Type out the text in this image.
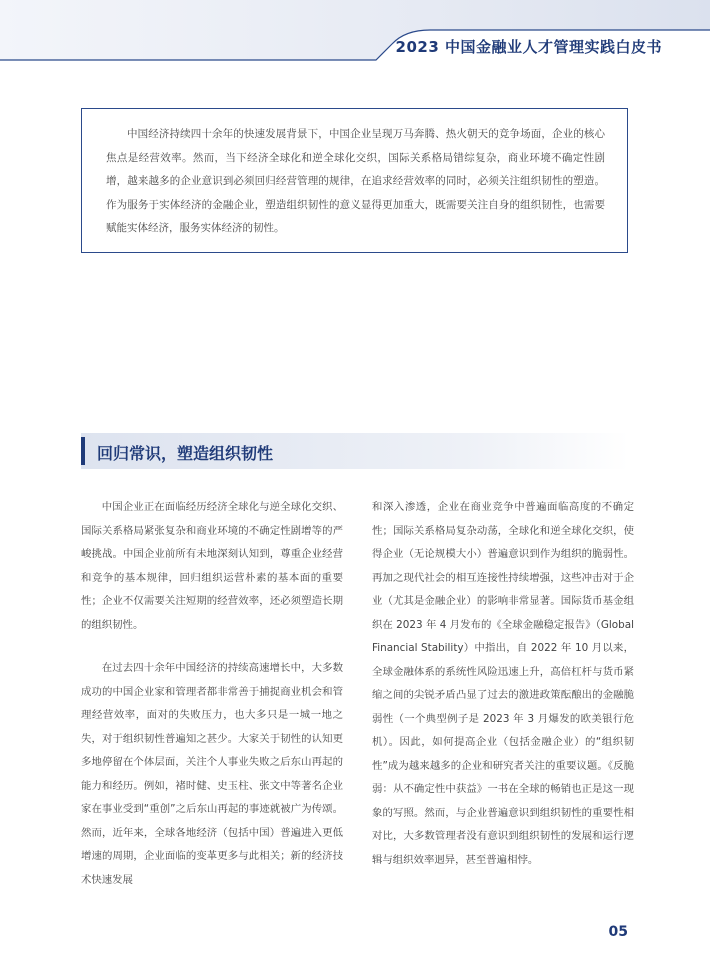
2023 中国金融业人才管理实践白皮书

中国经济持续四十余年的快速发展背景下，中国企业呈现万马奔腾、热火朝天的竞争场面，企业的核心焦点是经营效率。然而，当下经济全球化和逆全球化交织，国际关系格局错综复杂，商业环境不确定性剧增，越来越多的企业意识到必须回归经营管理的规律，在追求经营效率的同时，必须关注组织韧性的塑造。作为服务于实体经济的金融企业，塑造组织韧性的意义显得更加重大，既需要关注自身的组织韧性，也需要赋能实体经济，服务实体经济的韧性。

回归常识，塑造组织韧性

中国企业正在面临经历经济全球化与逆全球化交织、国际关系格局紧张复杂和商业环境的不确定性剧增等的严峻挑战。中国企业前所有未地深刻认知到，尊重企业经营和竞争的基本规律，回归组织运营朴素的基本面的重要性；企业不仅需要关注短期的经营效率，还必须塑造长期的组织韧性。

在过去四十余年中国经济的持续高速增长中，大多数成功的中国企业家和管理者都非常善于捕捉商业机会和管理经营效率，面对的失败压力，也大多只是一城一地之失，对于组织韧性普遍知之甚少。大家关于韧性的认知更多地停留在个体层面，关注个人事业失败之后东山再起的能力和经历。例如，褚时健、史玉柱、张文中等著名企业家在事业受到“重创”之后东山再起的事迹就被广为传颂。然而，近年来，全球各地经济（包括中国）普遍进入更低增速的周期，企业面临的变革更多与此相关；新的经济技术快速发展

和深入渗透，企业在商业竞争中普遍面临高度的不确定性；国际关系格局复杂动荡，全球化和逆全球化交织，使得企业（无论规模大小）普遍意识到作为组织的脆弱性。再加之现代社会的相互连接性持续增强，这些冲击对于企业（尤其是金融企业）的影响非常显著。国际货币基金组织在 2023 年 4 月发布的《全球金融稳定报告》（Global Financial Stability）中指出，自 2022 年 10 月以来，全球金融体系的系统性风险迅速上升，高倍杠杆与货币紧缩之间的尖锐矛盾凸显了过去的激进政策酝酿出的金融脆弱性（一个典型例子是 2023 年 3 月爆发的欧美银行危机）。因此，如何提高企业（包括金融企业）的“组织韧性”成为越来越多的企业和研究者关注的重要议题。《反脆弱：从不确定性中获益》一书在全球的畅销也正是这一现象的写照。然而，与企业普遍意识到组织韧性的重要性相对比，大多数管理者没有意识到组织韧性的发展和运行逻辑与组织效率迥异，甚至普遍相悖。

05
